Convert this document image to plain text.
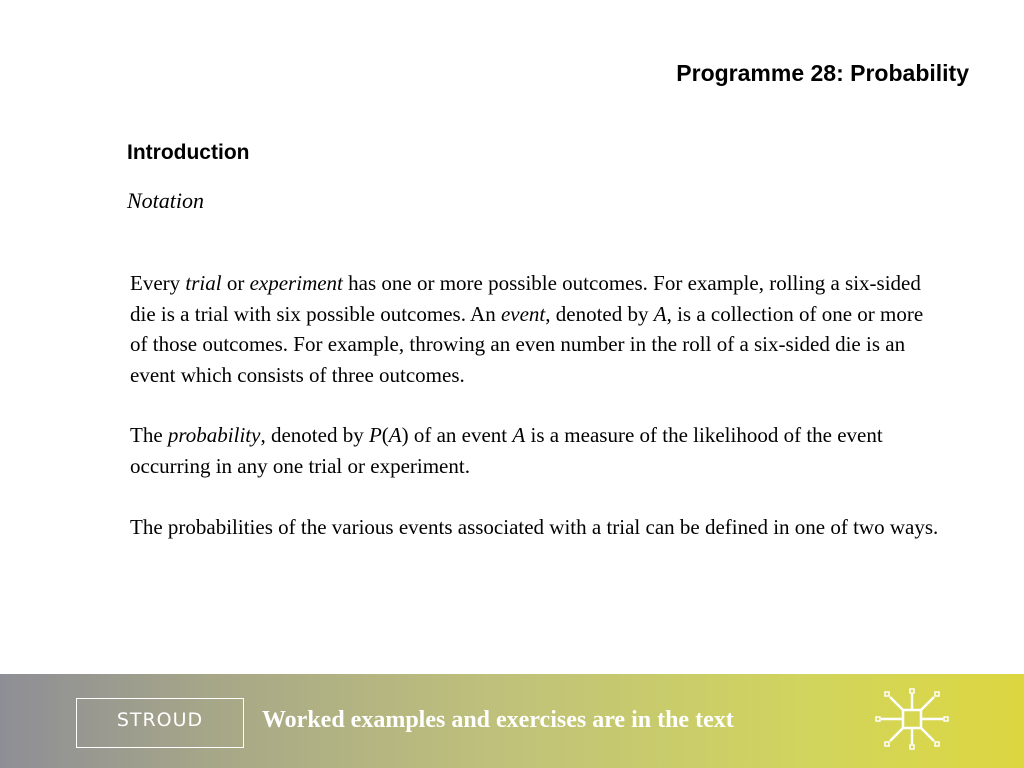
Programme 28: Probability
Introduction
Notation

Every trial or experiment has one or more possible outcomes. For example, rolling a six-sided die is a trial with six possible outcomes. An event, denoted by A, is a collection of one or more of those outcomes. For example, throwing an even number in the roll of a six-sided die is an event which consists of three outcomes.

The probability, denoted by P(A) of an event A is a measure of the likelihood of the event occurring in any one trial or experiment.

The probabilities of the various events associated with a trial can be defined in one of two ways.

STROUD	Worked examples and exercises are in the text
